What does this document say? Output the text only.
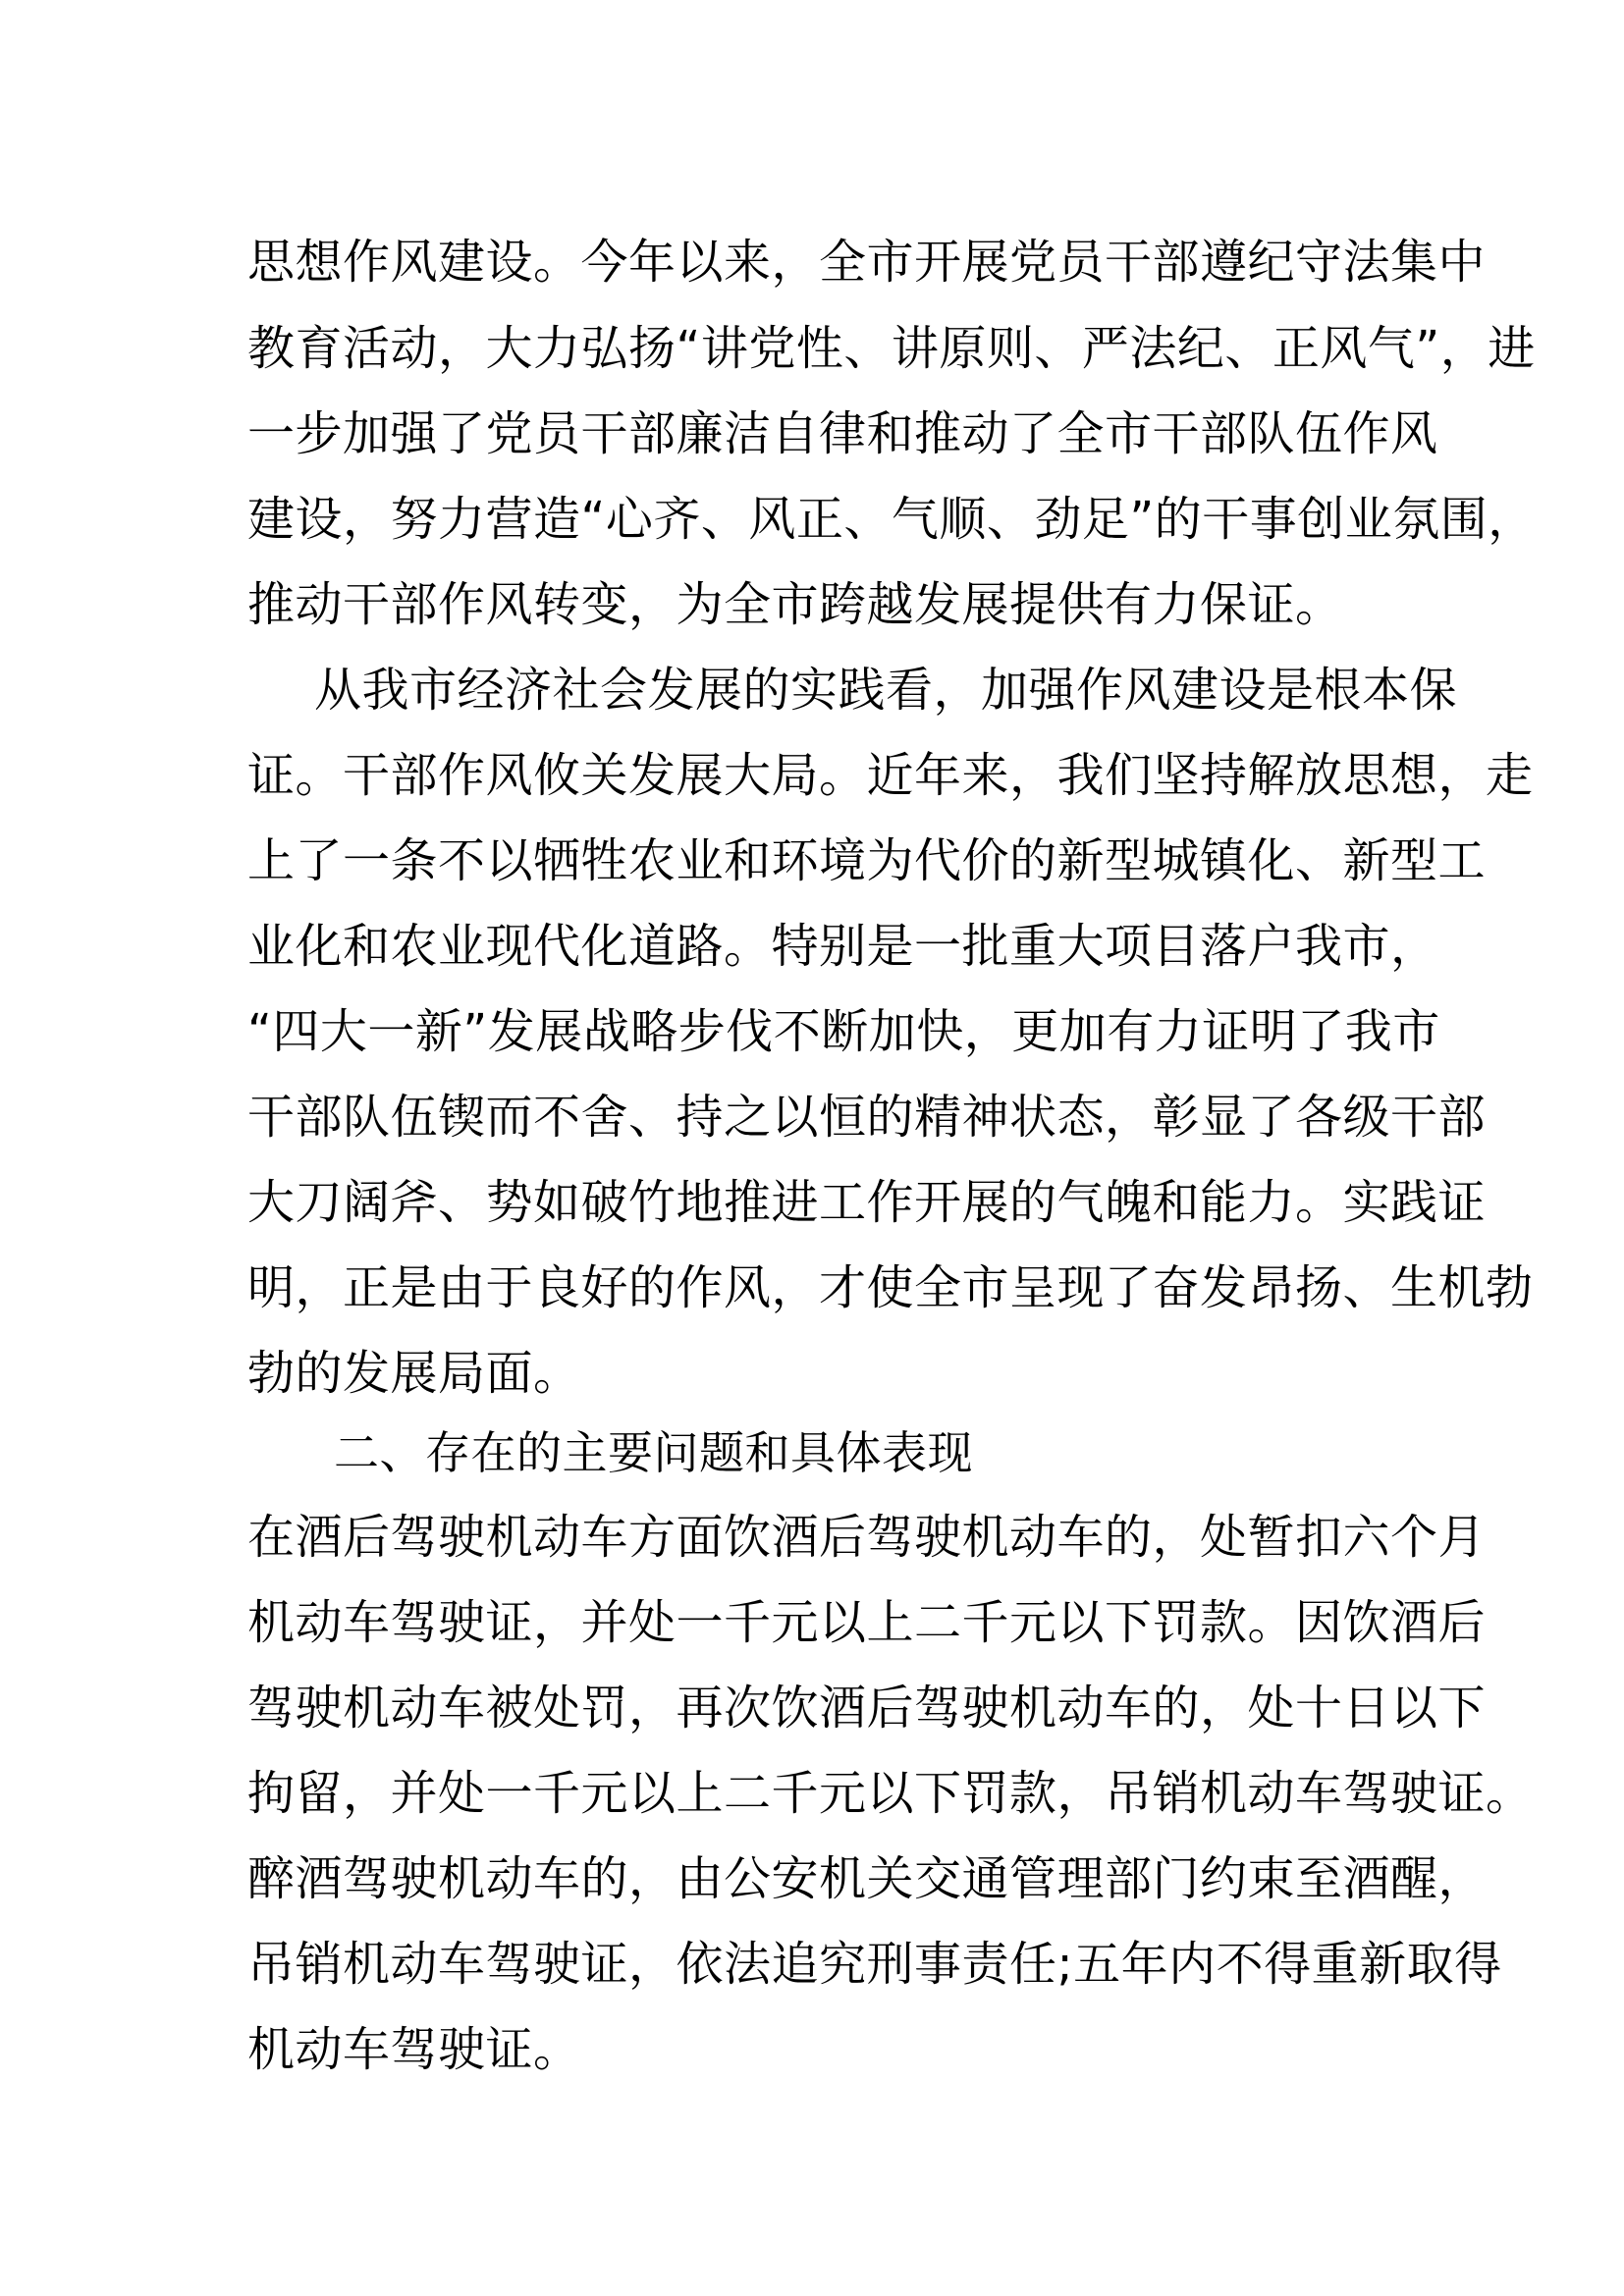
思想作风建设。今年以来，全市开展党员干部遵纪守法集中
教育活动，大力弘扬“讲党性、讲原则、严法纪、正风气”，进
一步加强了党员干部廉洁自律和推动了全市干部队伍作风
建设，努力营造“心齐、风正、气顺、劲足”的干事创业氛围，
推动干部作风转变，为全市跨越发展提供有力保证。
从我市经济社会发展的实践看，加强作风建设是根本保
证。干部作风攸关发展大局。近年来，我们坚持解放思想，走
上了一条不以牺牲农业和环境为代价的新型城镇化、新型工
业化和农业现代化道路。特别是一批重大项目落户我市，
“四大一新”发展战略步伐不断加快，更加有力证明了我市
干部队伍锲而不舍、持之以恒的精神状态，彰显了各级干部
大刀阔斧、势如破竹地推进工作开展的气魄和能力。实践证
明，正是由于良好的作风，才使全市呈现了奋发昂扬、生机勃
勃的发展局面。
二、存在的主要问题和具体表现
在酒后驾驶机动车方面饮酒后驾驶机动车的，处暂扣六个月
机动车驾驶证，并处一千元以上二千元以下罚款。因饮酒后
驾驶机动车被处罚，再次饮酒后驾驶机动车的，处十日以下
拘留，并处一千元以上二千元以下罚款，吊销机动车驾驶证。
醉酒驾驶机动车的，由公安机关交通管理部门约束至酒醒，
吊销机动车驾驶证，依法追究刑事责任;五年内不得重新取得
机动车驾驶证。
